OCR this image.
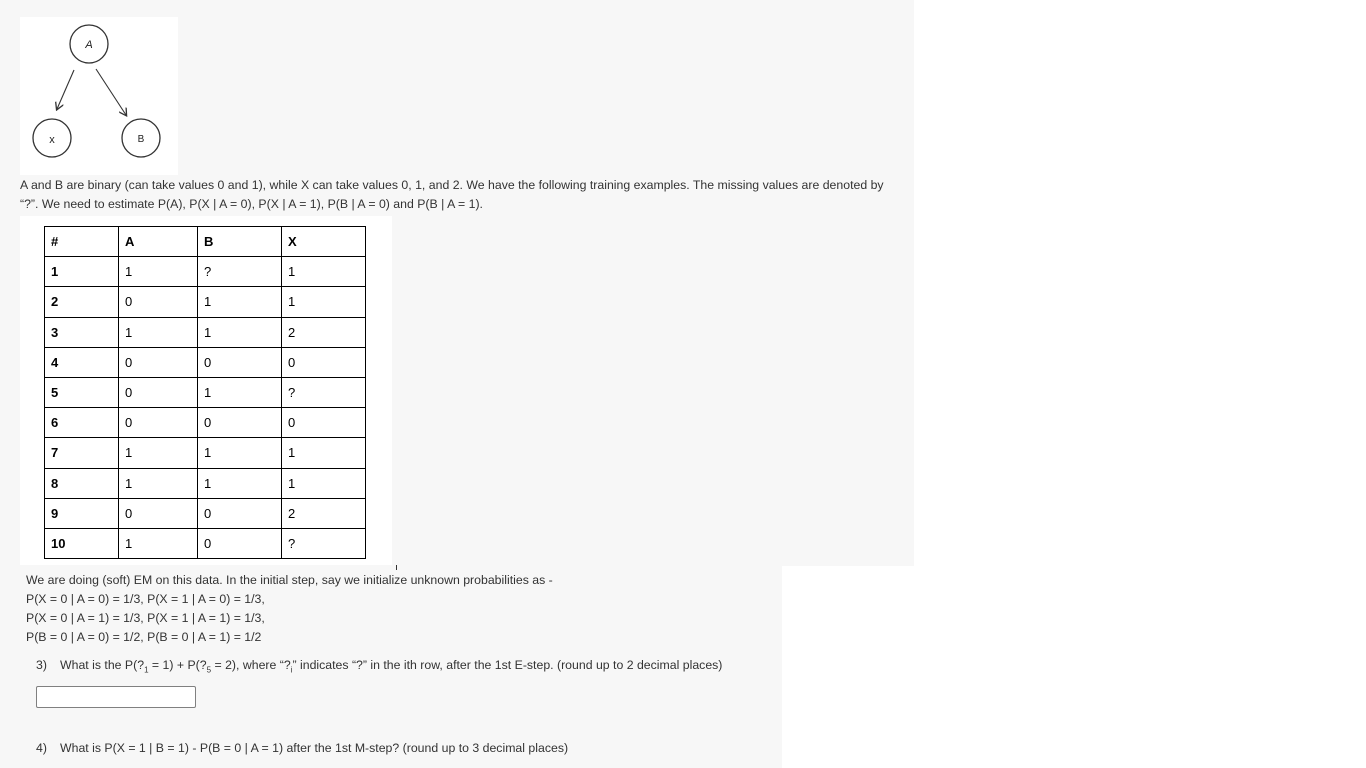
A
x	B
A and B are binary (can take values 0 and 1), while X can take values 0, 1, and 2. We have the following training examples. The missing values are denoted by
“?”. We need to estimate P(A), P(X | A = 0), P(X | A = 1), P(B | A = 0) and P(B | A = 1).
#	A	B	X
1	1	?	1
2	0	1	1
3	1	1	2
4	0	0	0
5	0	1	?
6	0	0	0
7	1	1	1
8	1	1	1
9	0	0	2
10	1	0	?
We are doing (soft) EM on this data. In the initial step, say we initialize unknown probabilities as -
P(X = 0 | A = 0) = 1/3, P(X = 1 | A = 0) = 1/3,
P(X = 0 | A = 1) = 1/3, P(X = 1 | A = 1) = 1/3,
P(B = 0 | A = 0) = 1/2, P(B = 0 | A = 1) = 1/2
3) What is the $P(?_1 = 1)$ + $P(?_5 = 2)$, where “$?_i$” indicates “?” in the ith row, after the 1st E-step. (round up to 2 decimal places)
4) What is P(X = 1 | B = 1) - P(B = 0 | A = 1) after the 1st M-step? (round up to 3 decimal places)
